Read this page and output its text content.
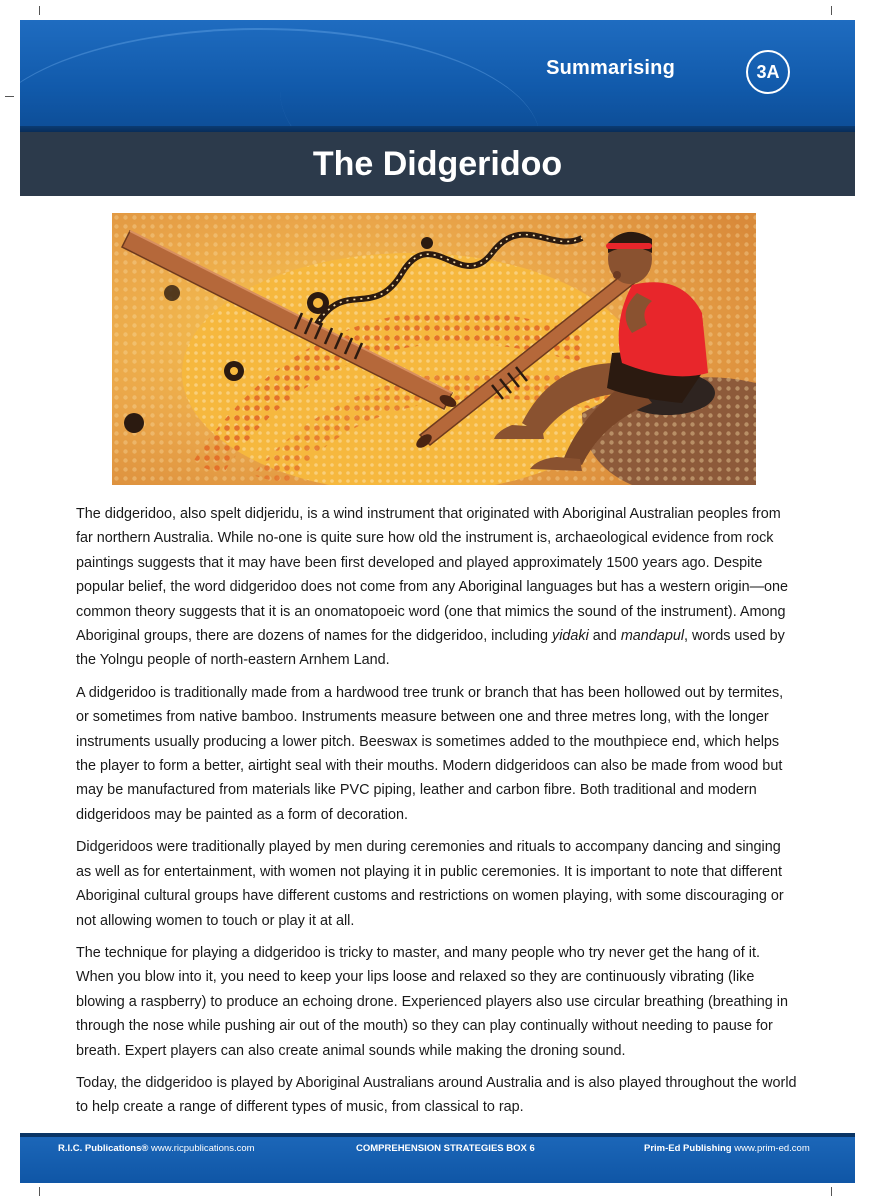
Summarising	3A
The Didgeridoo

The didgeridoo, also spelt didjeridu, is a wind instrument that originated with Aboriginal Australian peoples from far northern Australia. While no-one is quite sure how old the instrument is, archaeological evidence from rock paintings suggests that it may have been first developed and played approximately 1500 years ago. Despite popular belief, the word didgeridoo does not come from any Aboriginal languages but has a western origin—one common theory suggests that it is an onomatopoeic word (one that mimics the sound of the instrument). Among Aboriginal groups, there are dozens of names for the didgeridoo, including yidaki and mandapul, words used by the Yolngu people of north-eastern Arnhem Land.

A didgeridoo is traditionally made from a hardwood tree trunk or branch that has been hollowed out by termites, or sometimes from native bamboo. Instruments measure between one and three metres long, with the longer instruments usually producing a lower pitch. Beeswax is sometimes added to the mouthpiece end, which helps the player to form a better, airtight seal with their mouths. Modern didgeridoos can also be made from wood but may be manufactured from materials like PVC piping, leather and carbon fibre. Both traditional and modern didgeridoos may be painted as a form of decoration.

Didgeridoos were traditionally played by men during ceremonies and rituals to accompany dancing and singing as well as for entertainment, with women not playing it in public ceremonies. It is important to note that different Aboriginal cultural groups have different customs and restrictions on women playing, with some discouraging or not allowing women to touch or play it at all.

The technique for playing a didgeridoo is tricky to master, and many people who try never get the hang of it. When you blow into it, you need to keep your lips loose and relaxed so they are continuously vibrating (like blowing a raspberry) to produce an echoing drone. Experienced players also use circular breathing (breathing in through the nose while pushing air out of the mouth) so they can play continually without needing to pause for breath. Expert players can also create animal sounds while making the droning sound.

Today, the didgeridoo is played by Aboriginal Australians around Australia and is also played throughout the world to help create a range of different types of music, from classical to rap.

R.I.C. Publications® www.ricpublications.com	COMPREHENSION STRATEGIES BOX 6	Prim-Ed Publishing www.prim-ed.com
